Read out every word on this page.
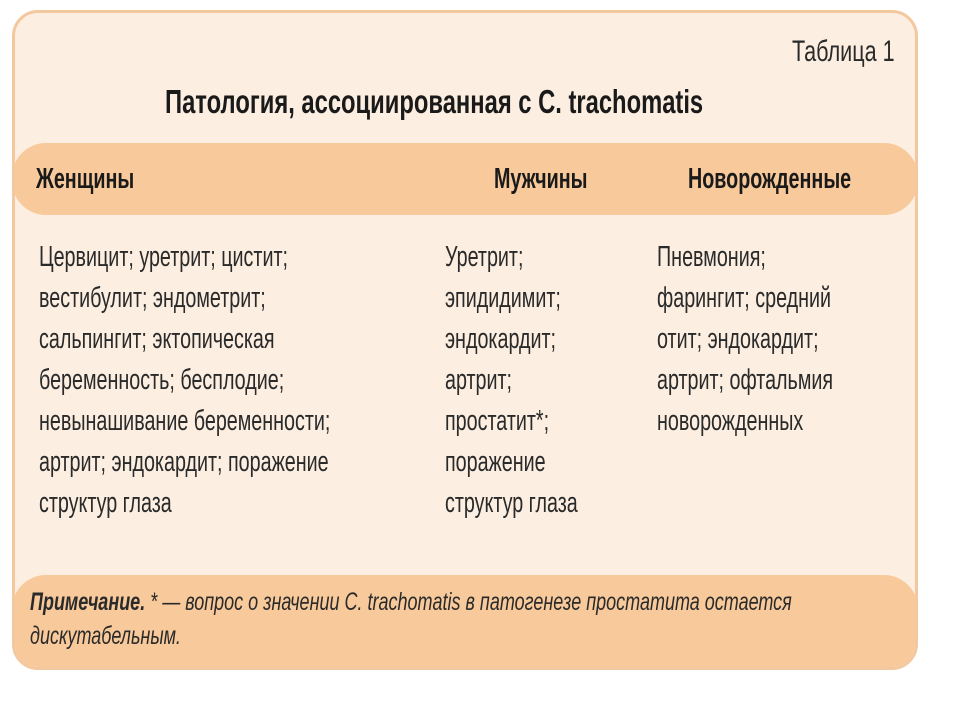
Таблица 1
Патология, ассоциированная с C. trachomatis
Женщины	Мужчины	Новорожденные
Цервицит; уретрит; цистит;
вестибулит; эндометрит;
сальпингит; эктопическая
беременность; бесплодие;
невынашивание беременности;
артрит; эндокардит; поражение
структур глаза
Уретрит;
эпидидимит;
эндокардит;
артрит;
простатит*;
поражение
структур глаза
Пневмония;
фарингит; средний
отит; эндокардит;
артрит; офтальмия
новорожденных
Примечание. * — вопрос о значении C. trachomatis в патогенезе простатита остается
дискутабельным.
